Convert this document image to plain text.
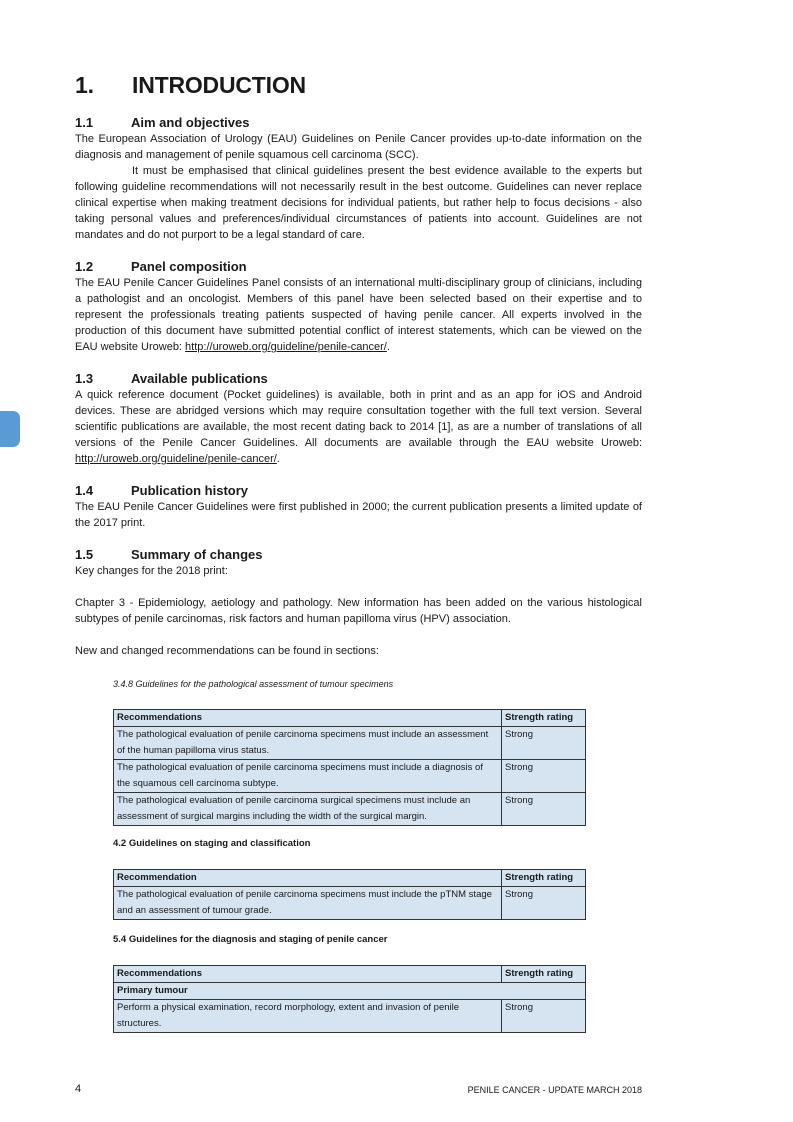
1. INTRODUCTION
1.1	Aim and objectives

The European Association of Urology (EAU) Guidelines on Penile Cancer provides up-to-date information on the diagnosis and management of penile squamous cell carcinoma (SCC).

It must be emphasised that clinical guidelines present the best evidence available to the experts but following guideline recommendations will not necessarily result in the best outcome. Guidelines can never replace clinical expertise when making treatment decisions for individual patients, but rather help to focus decisions - also taking personal values and preferences/individual circumstances of patients into account. Guidelines are not mandates and do not purport to be a legal standard of care.

1.2	Panel composition

The EAU Penile Cancer Guidelines Panel consists of an international multi-disciplinary group of clinicians, including a pathologist and an oncologist. Members of this panel have been selected based on their expertise and to represent the professionals treating patients suspected of having penile cancer. All experts involved in the production of this document have submitted potential conflict of interest statements, which can be viewed on the EAU website Uroweb: http://uroweb.org/guideline/penile-cancer/.

1.3	Available publications

A quick reference document (Pocket guidelines) is available, both in print and as an app for iOS and Android devices. These are abridged versions which may require consultation together with the full text version. Several scientific publications are available, the most recent dating back to 2014 [1], as are a number of translations of all versions of the Penile Cancer Guidelines. All documents are available through the EAU website Uroweb: http://uroweb.org/guideline/penile-cancer/.

1.4	Publication history

The EAU Penile Cancer Guidelines were first published in 2000; the current publication presents a limited update of the 2017 print.

1.5	Summary of changes

Key changes for the 2018 print:

Chapter 3 - Epidemiology, aetiology and pathology. New information has been added on the various histological subtypes of penile carcinomas, risk factors and human papilloma virus (HPV) association.

New and changed recommendations can be found in sections:

3.4.8 Guidelines for the pathological assessment of tumour specimens

Recommendations	Strength rating
The pathological evaluation of penile carcinoma specimens must include an assessment of the human papilloma virus status.	Strong
The pathological evaluation of penile carcinoma specimens must include a diagnosis of the squamous cell carcinoma subtype.	Strong
The pathological evaluation of penile carcinoma surgical specimens must include an assessment of surgical margins including the width of the surgical margin.	Strong

4.2 Guidelines on staging and classification

Recommendation	Strength rating
The pathological evaluation of penile carcinoma specimens must include the pTNM stage and an assessment of tumour grade.	Strong

5.4 Guidelines for the diagnosis and staging of penile cancer

Recommendations	Strength rating
Primary tumour	
Perform a physical examination, record morphology, extent and invasion of penile structures.	Strong

4	PENILE CANCER - UPDATE MARCH 2018
